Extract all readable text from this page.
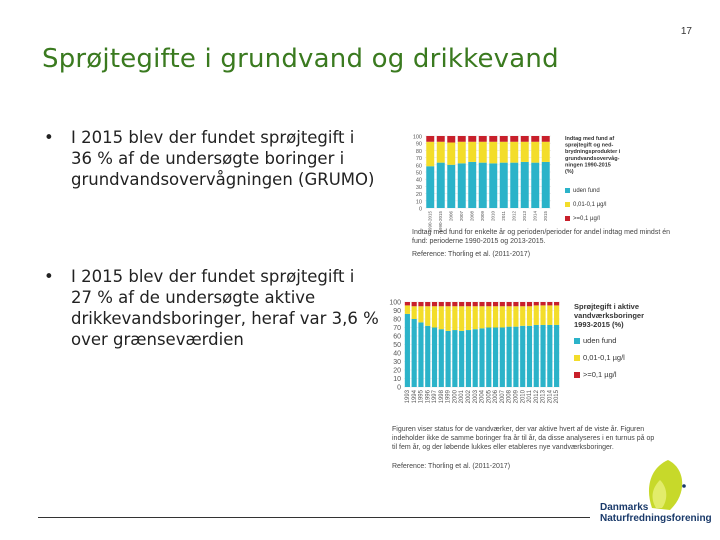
17
Sprøjtegifte i grundvand og drikkevand
• I 2015 blev der fundet sprøjtegift i
36 % af de undersøgte boringer i
grundvandsovervågningen (GRUMO)
• I 2015 blev der fundet sprøjtegift i
27 % af de undersøgte aktive
drikkevandsboringer, heraf var 3,6 %
over grænseværdien
100
90
80
70
60
50
40
30
20
10
0
1990-2015 1990-2015 2006 2007 2008 2009 2010 2011 2012 2013 2014 2015
Indtag med fund af
sprøjtegift og ned-
brydningsprodukter i
grundvandsovervåg-
ningen 1990-2015
(%)
uden fund
0,01-0,1 µg/l
>=0,1 µg/l
Indtag med fund for enkelte år og perioden/perioder for andel indtag med mindst én
fund: perioderne 1990-2015 og 2013-2015.
Reference: Thorling et al. (2011-2017)
100
90
80
70
60
50
40
30
20
10
0
1993 1994 1995 1996 1997 1998 1999 2000 2001 2002 2003 2004 2005 2006 2007 2008 2009 2010 2011 2012 2013 2014 2015
Sprøjtegift i aktive
vandværksboringer
1993-2015 (%)
uden fund
0,01-0,1 µg/l
>=0,1 µg/l
Figuren viser status for de vandværker, der var aktive hvert af de viste år. Figuren
indeholder ikke de samme boringer fra år til år, da disse analyseres i en turnus på op
til fem år, og der løbende lukkes eller etableres nye vandværksboringer.
Reference: Thorling et al. (2011-2017)
Danmarks
Naturfredningsforening
